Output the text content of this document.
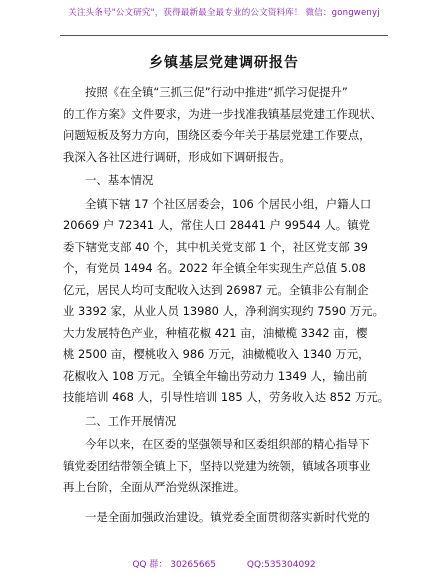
关注头条号"公文研究"，获得最新最全最专业的公文资料库！ 微信：gongwenyj
乡镇基层党建调研报告
按照《在全镇“三抓三促”行动中推进“抓学习促提升”
的工作方案》文件要求，为进一步找准我镇基层党建工作现状、
问题短板及努力方向，围绕区委今年关于基层党建工作要点，
我深入各社区进行调研，形成如下调研报告。
一、基本情况
全镇下辖 17 个社区居委会，106 个居民小组，户籍人口
20669 户 72341 人，常住人口 28441 户 99544 人。镇党
委下辖党支部 40 个，其中机关党支部 1 个，社区党支部 39
个，有党员 1494 名。2022 年全镇全年实现生产总值 5.08
亿元，居民人均可支配收入达到 26987 元。全镇非公有制企
业 3392 家，从业人员 13980 人，净利润实现约 7590 万元。
大力发展特色产业，种植花椒 421 亩，油橄榄 3342 亩，樱
桃 2500 亩，樱桃收入 986 万元，油橄榄收入 1340 万元，
花椒收入 108 万元。全镇全年输出劳动力 1349 人，输出前
技能培训 468 人，引导性培训 185 人，劳务收入达 852 万元。
二、工作开展情况
今年以来，在区委的坚强领导和区委组织部的精心指导下
镇党委团结带领全镇上下，坚持以党建为统领，镇域各项事业
再上台阶，全面从严治党纵深推进。
一是全面加强政治建设。镇党委全面贯彻落实新时代党的
QQ 群： 30265665	QQ:535304092
